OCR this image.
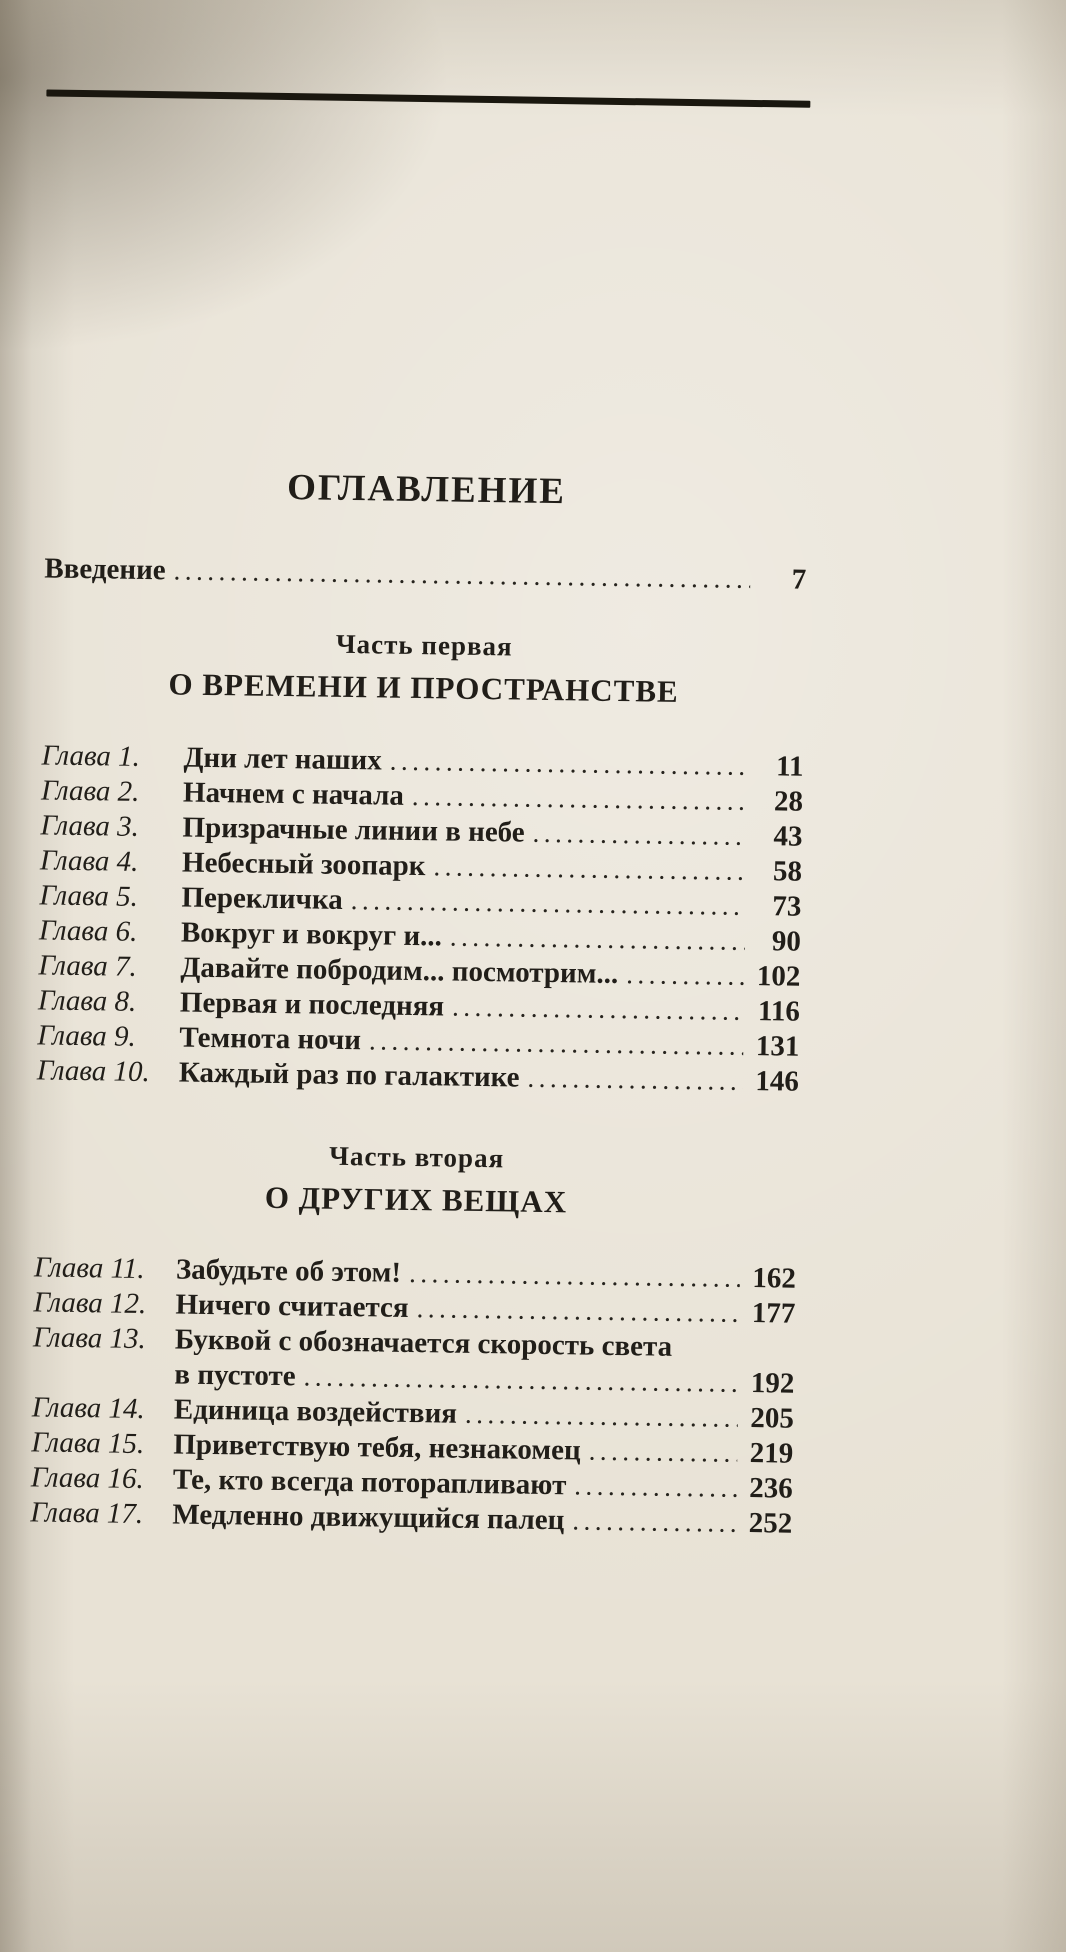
ОГЛАВЛЕНИЕ
Введение .....	7
Часть первая
О ВРЕМЕНИ И ПРОСТРАНСТВЕ
Глава 1.	Дни лет наших .....	11
Глава 2.	Начнем с начала .....	28
Глава 3.	Призрачные линии в небе .....	43
Глава 4.	Небесный зоопарк .....	58
Глава 5.	Перекличка .....	73
Глава 6.	Вокруг и вокруг и... .....	90
Глава 7.	Давайте побродим... посмотрим... .....	102
Глава 8.	Первая и последняя .....	116
Глава 9.	Темнота ночи .....	131
Глава 10. Каждый раз по галактике .....	146
Часть вторая
О ДРУГИХ ВЕЩАХ
Глава 11.	Забудьте об этом! .....	162
Глава 12. Ничего считается .....	177
Глава 13. Буквой с обозначается скорость света
в пустоте .....	192
Глава 14. Единица воздействия .....	205
Глава 15. Приветствую тебя, незнакомец .....	219
Глава 16. Те, кто всегда поторапливают .....	236
Глава 17. Медленно движущийся палец .....	252
